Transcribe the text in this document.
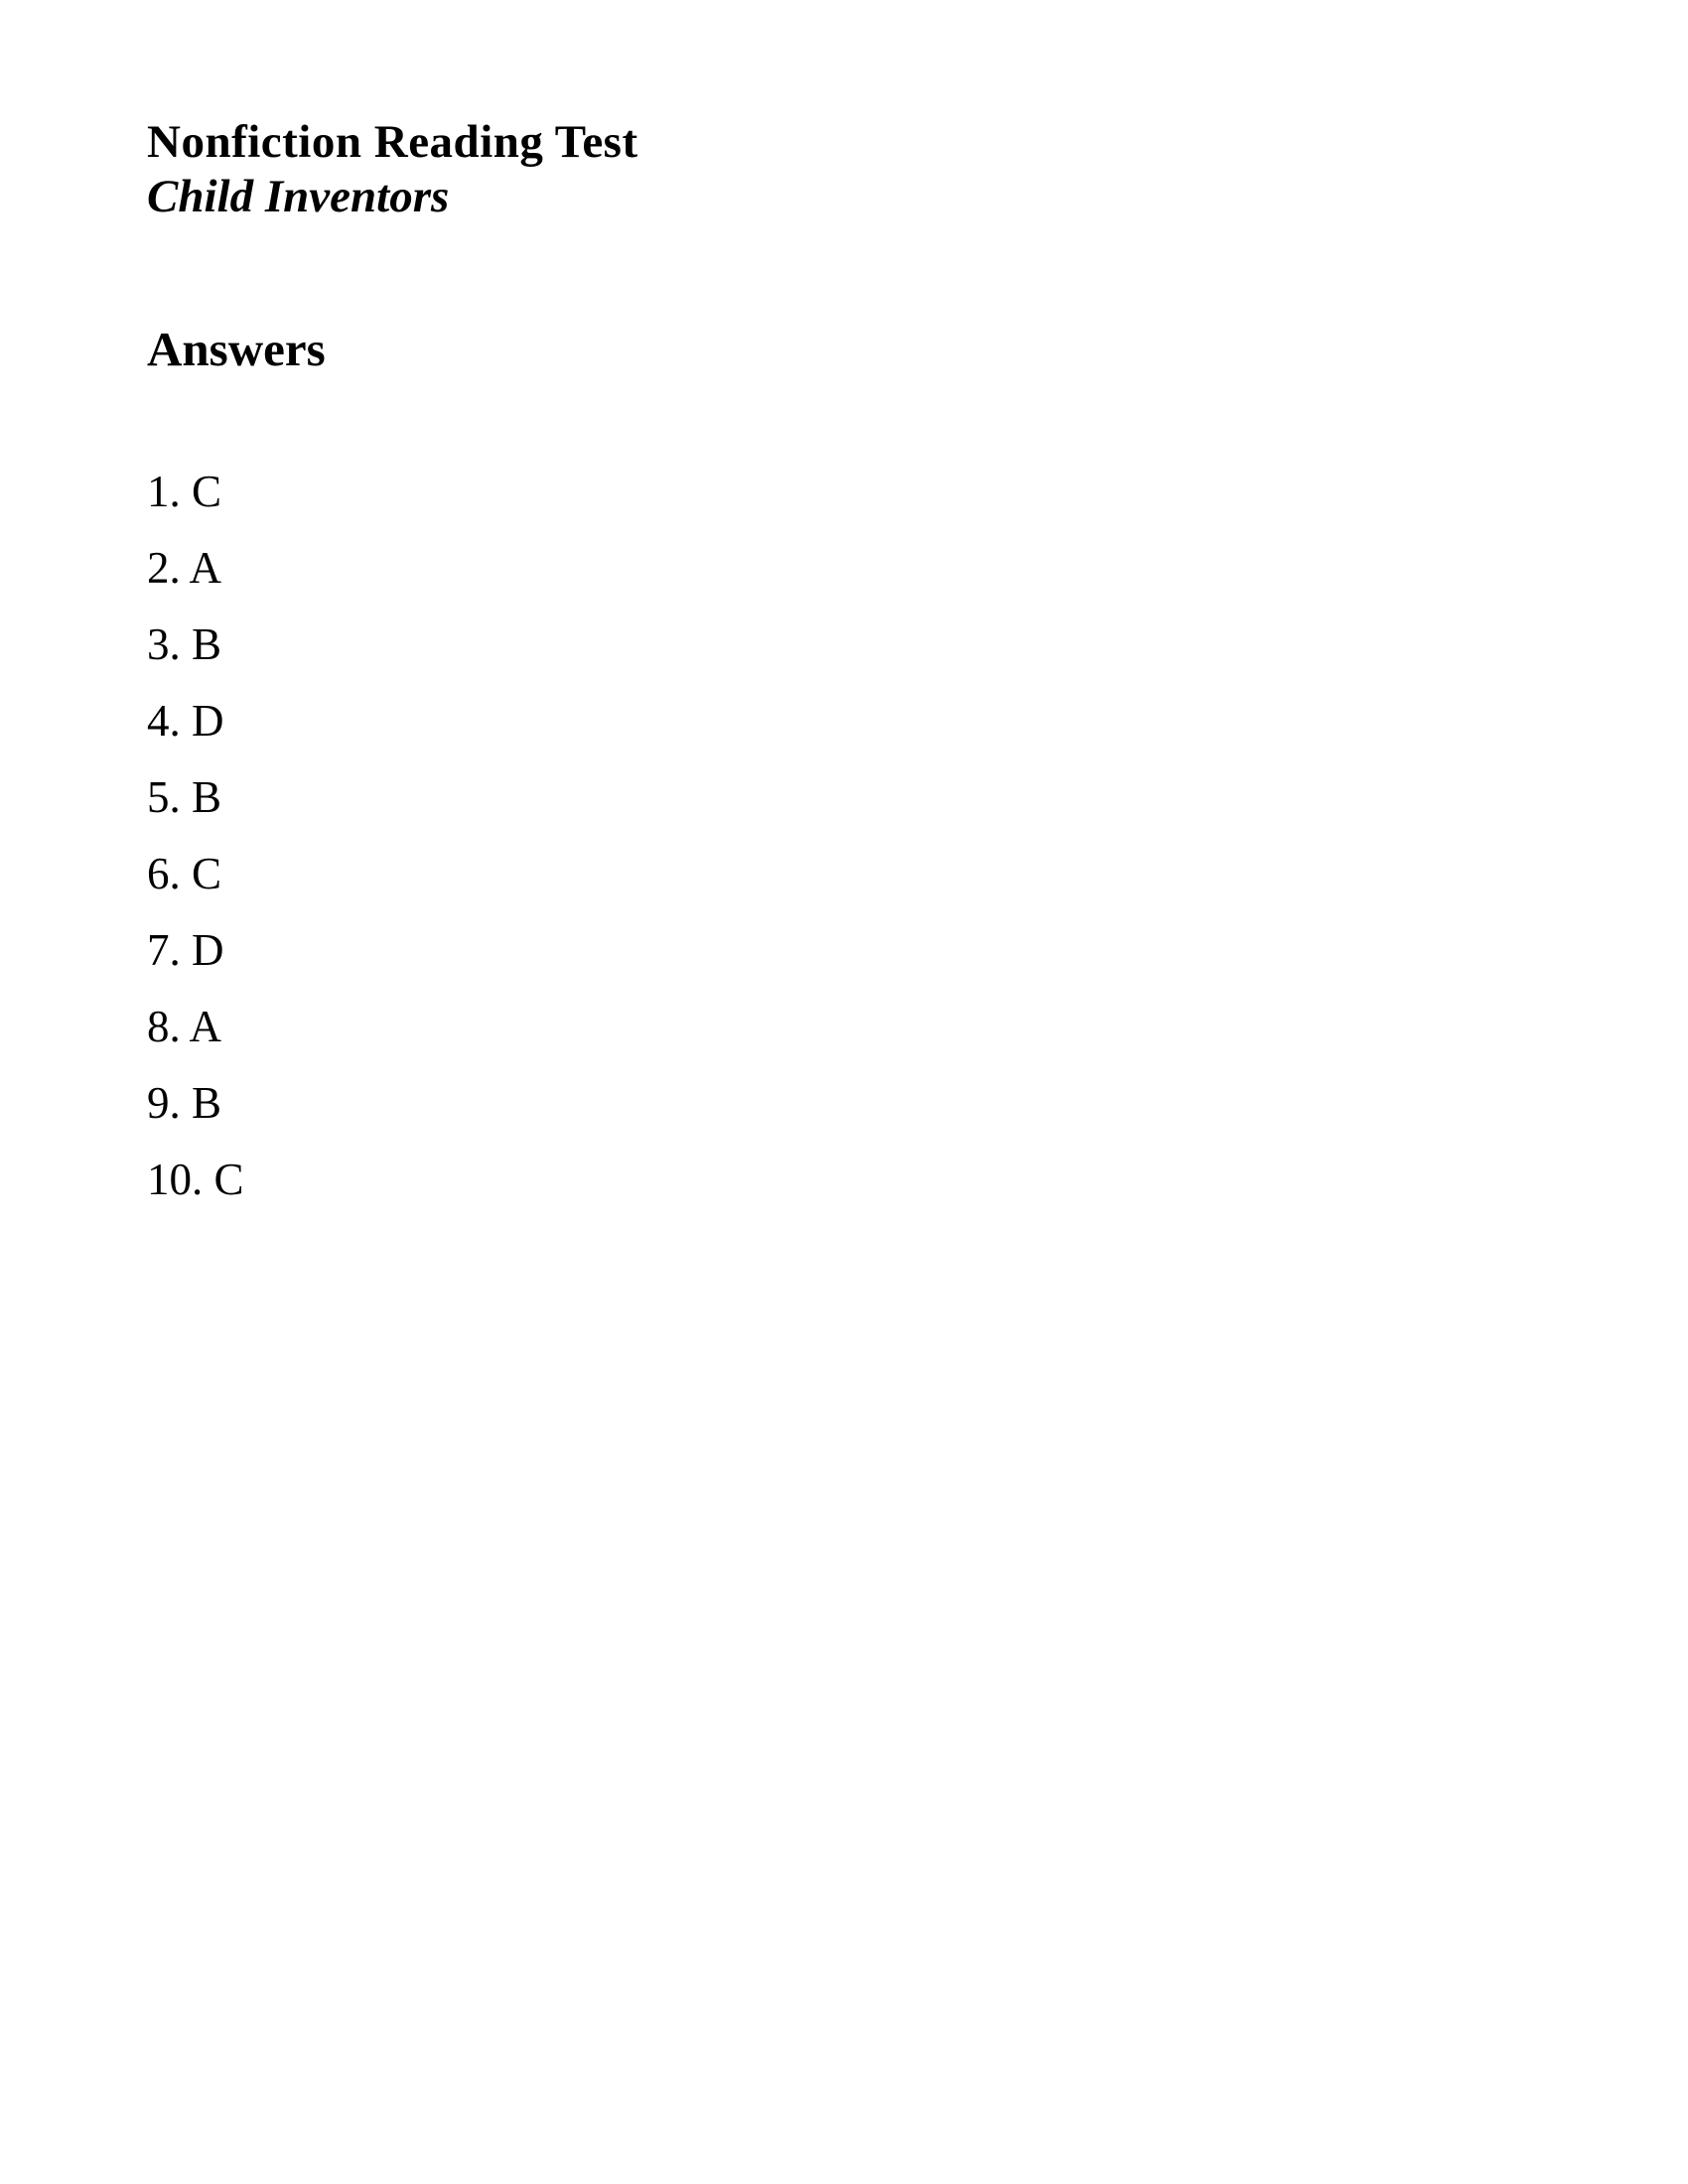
Nonfiction Reading Test
Child Inventors
Answers
1. C
2. A
3. B
4. D
5. B
6. C
7. D
8. A
9. B
10. C
